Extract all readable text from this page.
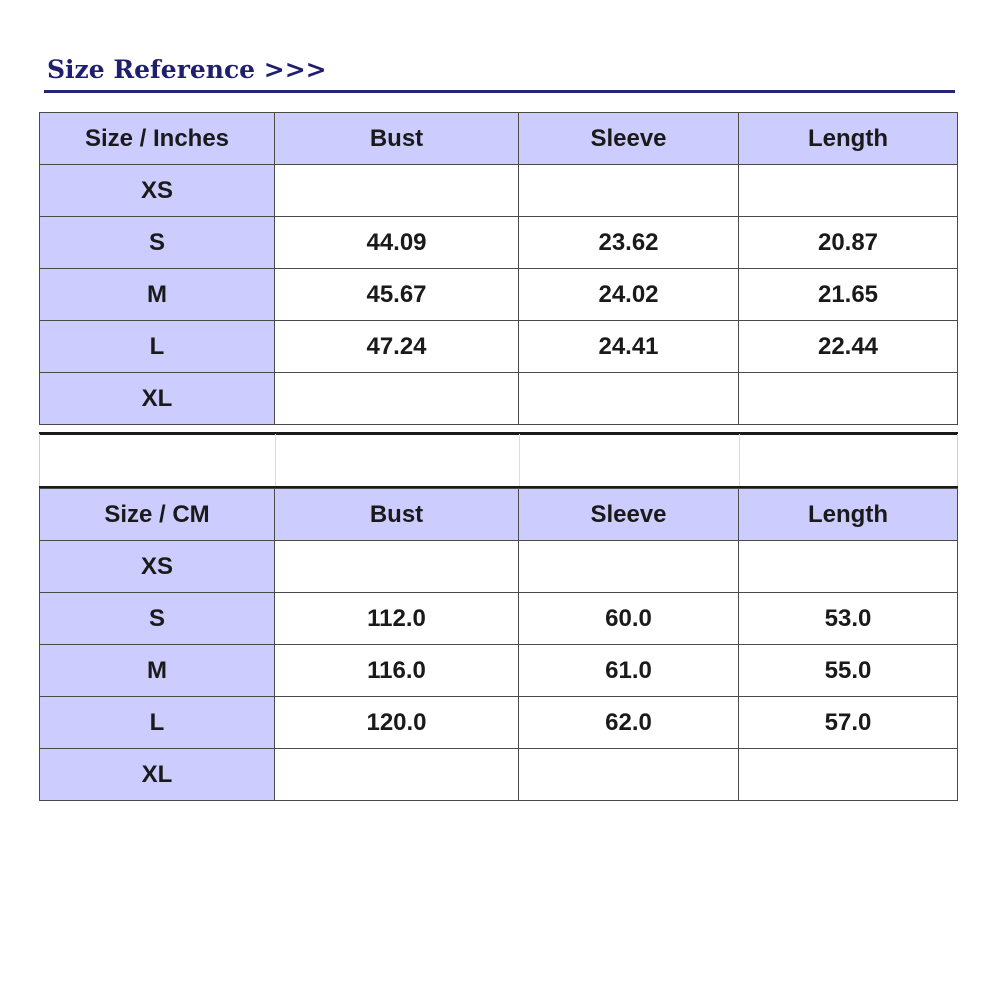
Size Reference >>>
Size / Inches	Bust	Sleeve	Length
XS			
S	44.09	23.62	20.87
M	45.67	24.02	21.65
L	47.24	24.41	22.44
XL			
Size / CM	Bust	Sleeve	Length
XS			
S	112.0	60.0	53.0
M	116.0	61.0	55.0
L	120.0	62.0	57.0
XL			
